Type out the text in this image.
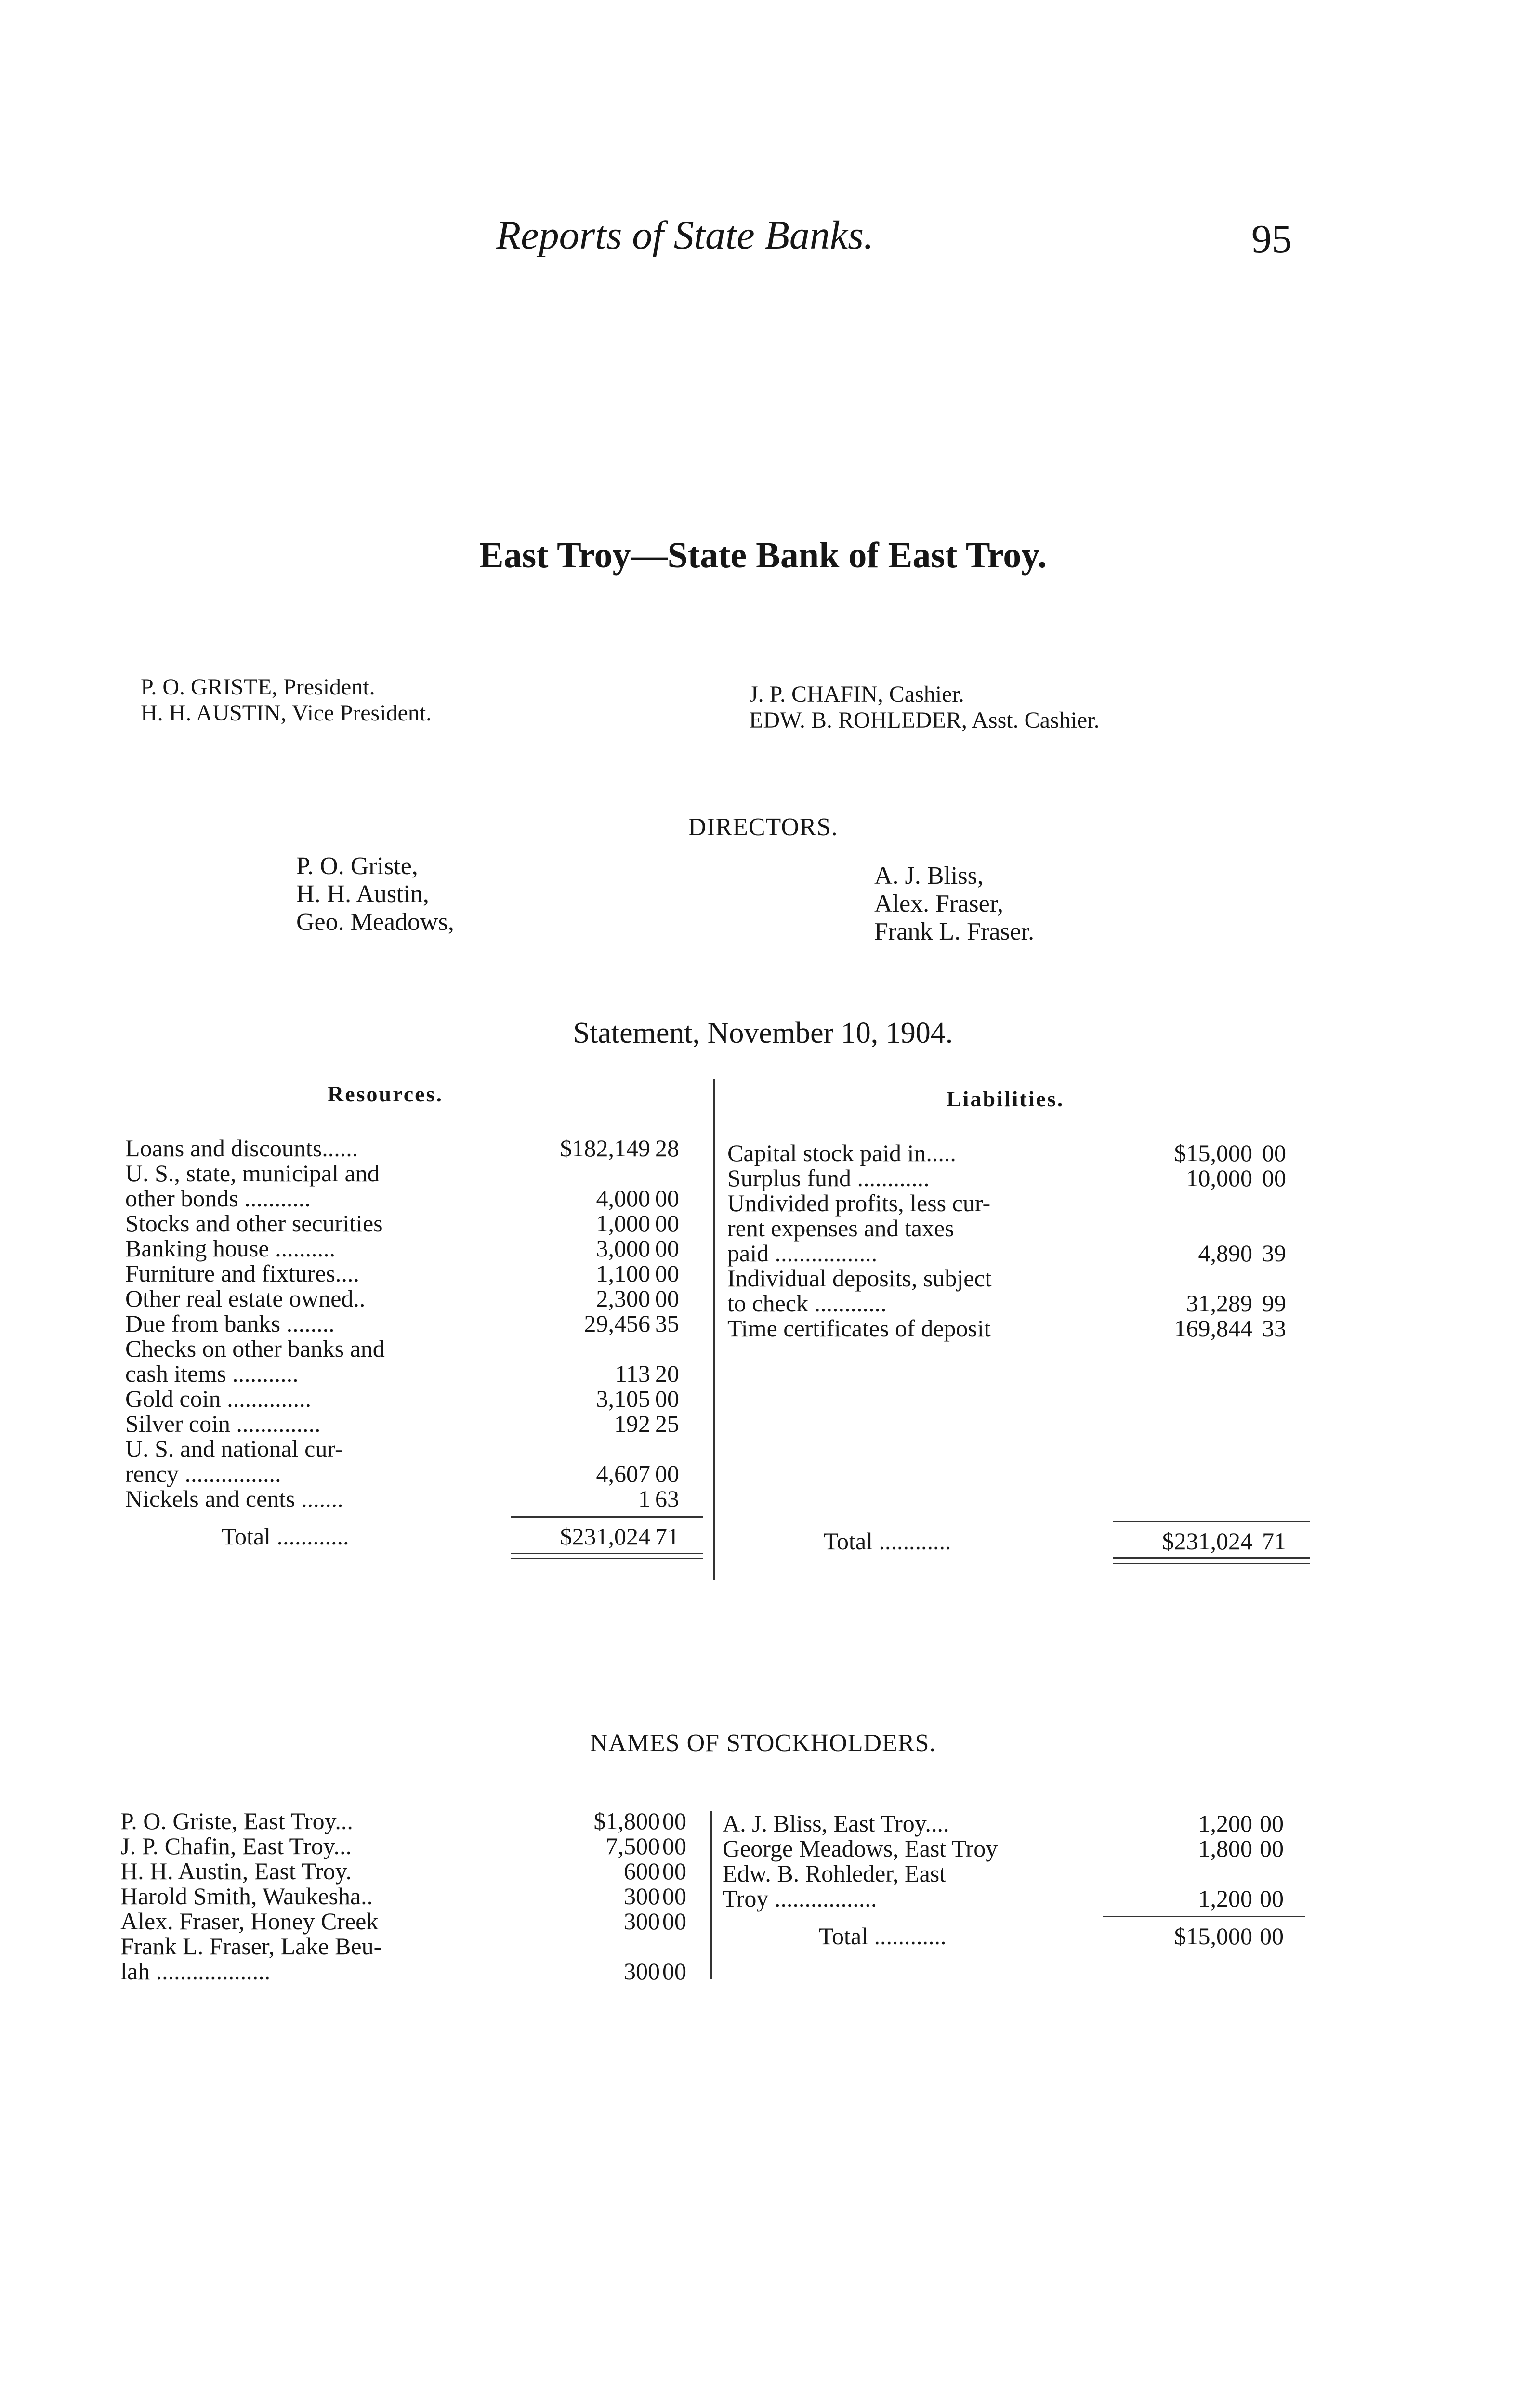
Reports of State Banks.	95
East Troy—State Bank of East Troy.
P. O. GRISTE, President.
H. H. AUSTIN, Vice President.
J. P. CHAFIN, Cashier.
EDW. B. ROHLEDER, Asst. Cashier.
DIRECTORS.
P. O. Griste,
H. H. Austin,
Geo. Meadows,
A. J. Bliss,
Alex. Fraser,
Frank L. Fraser.
Statement, November 10, 1904.
Resources.	Liabilities.
Loans and discounts......	$182,149 28
U. S., state, municipal and
other bonds ...........	4,000 00
Stocks and other securities	1,000 00
Banking house ..........	3,000 00
Furniture and fixtures....	1,100 00
Other real estate owned..	2,300 00
Due from banks ........	29,456 35
Checks on other banks and
cash items ...........	113 20
Gold coin ..............	3,105 00
Silver coin ..............	192 25
U. S. and national cur-
rency ................	4,607 00
Nickels and cents .......	1 63
Total ............	$231,024 71
Capital stock paid in.....	$15,000 00
Surplus fund ............	10,000 00
Undivided profits, less cur-
rent expenses and taxes
paid .................	4,890 39
Individual deposits, subject
to check ............	31,289 99
Time certificates of deposit	169,844 33
Total ............	$231,024 71
NAMES OF STOCKHOLDERS.
P. O. Griste, East Troy...	$1,800 00
J. P. Chafin, East Troy...	7,500 00
H. H. Austin, East Troy.	600 00
Harold Smith, Waukesha..	300 00
Alex. Fraser, Honey Creek	300 00
Frank L. Fraser, Lake Beu-
lah ...................	300 00
A. J. Bliss, East Troy....	1,200 00
George Meadows, East Troy	1,800 00
Edw. B. Rohleder, East
Troy .................	1,200 00
Total ............	$15,000 00
